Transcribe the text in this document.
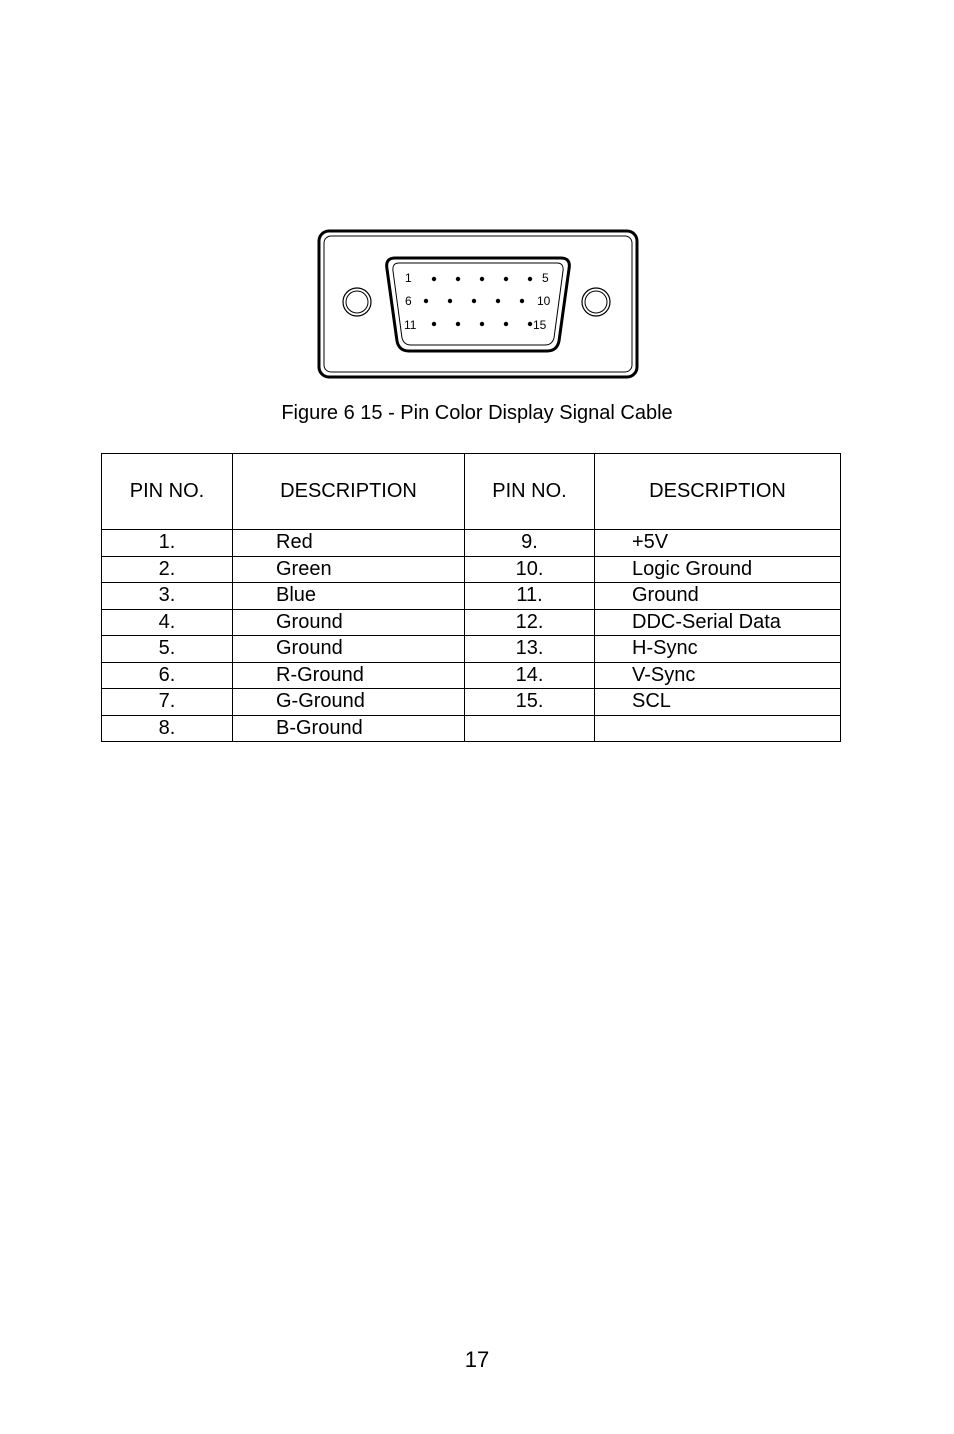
1	5
6	10
11	15
Figure 6 15 - Pin Color Display Signal Cable
PIN NO.	DESCRIPTION	PIN NO.	DESCRIPTION
1.	Red	9.	+5V
2.	Green	10.	Logic Ground
3.	Blue	11.	Ground
4.	Ground	12.	DDC-Serial Data
5.	Ground	13.	H-Sync
6.	R-Ground	14.	V-Sync
7.	G-Ground	15.	SCL
8.	B-Ground		
17
